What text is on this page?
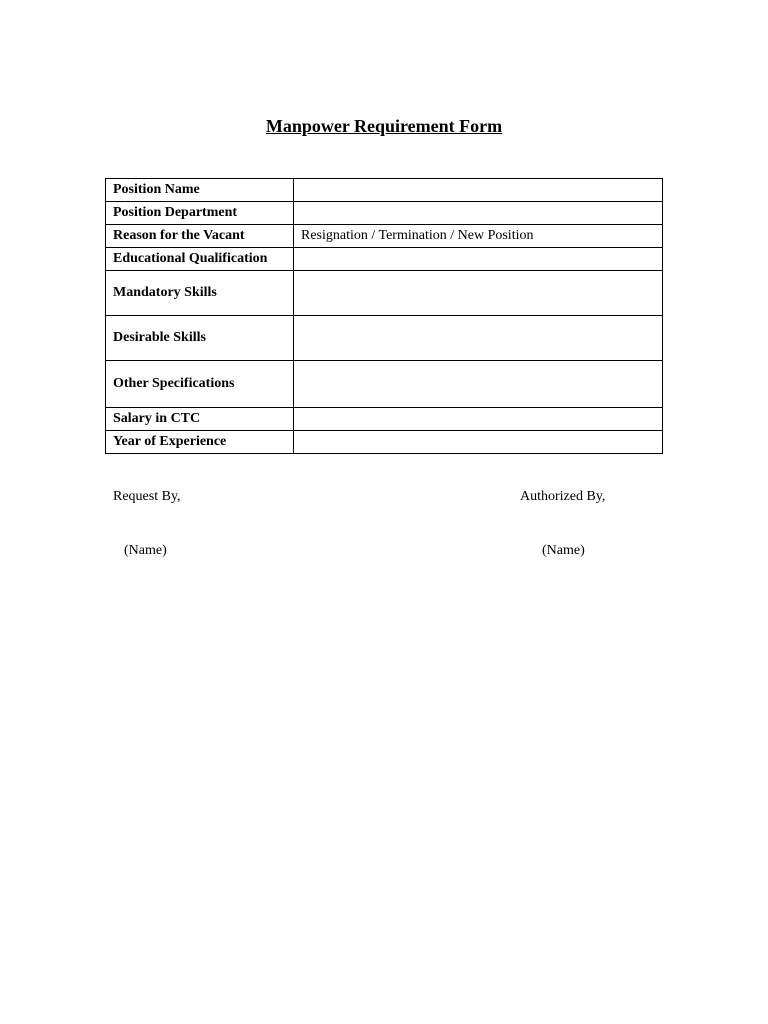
Manpower Requirement Form
Position Name	
Position Department	
Reason for the Vacant	Resignation / Termination / New Position
Educational Qualification	
Mandatory Skills	
Desirable Skills	
Other Specifications	
Salary in CTC	
Year of Experience	
Request By,	Authorized By,
(Name)	(Name)
